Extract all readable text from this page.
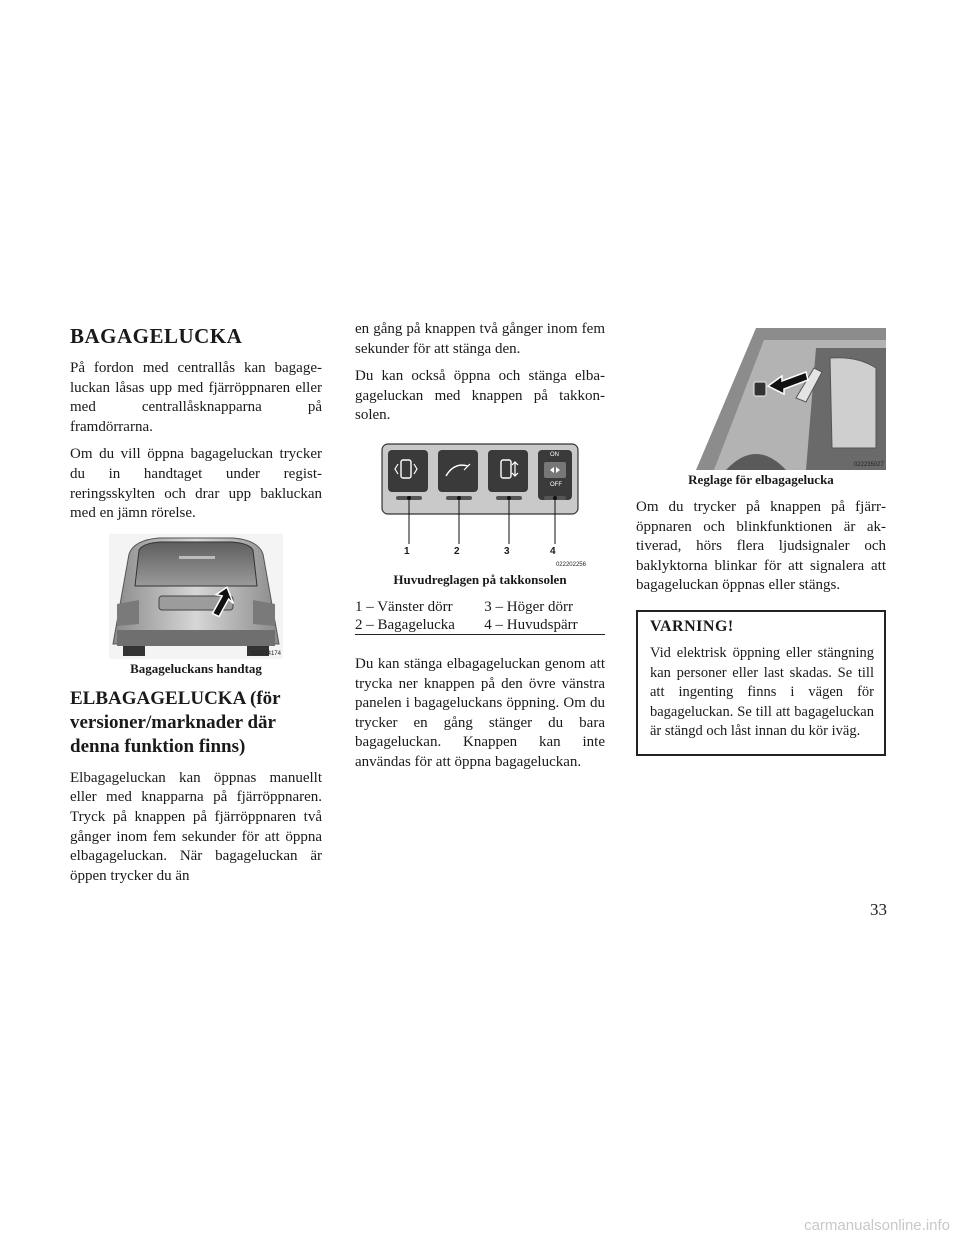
BAGAGELUCKA

På fordon med centrallås kan bagageluckan låsas upp med fjärröppnaren eller med centrallåsknapparna på framdörrarna.

Om du vill öppna bagageluckan trycker du in handtaget under registreringsskylten och drar upp bakluckan med en jämn rörelse.

022234174
Bagageluckans handtag
ELBAGAGELUCKA (för versioner/marknader där denna funktion finns)

Elbagageluckan kan öppnas manuellt eller med knapparna på fjärröppnaren. Tryck på knappen på fjärröppnaren två gånger inom fem sekunder för att öppna elbagageluckan. När bagageluckan är öppen trycker du än

en gång på knappen två gånger inom fem sekunder för att stänga den.

Du kan också öppna och stänga elbagageluckan med knappen på takkonsolen.

ON
OFF
1	2	3	4
022202256
Huvudreglagen på takkonsolen
1 – Vänster dörr	3 – Höger dörr
2 – Bagagelucka	4 – Huvudspärr

Du kan stänga elbagageluckan genom att trycka ner knappen på den övre vänstra panelen i bagageluckans öppning. Om du trycker en gång stänger du bara bagageluckan. Knappen kan inte användas för att öppna bagageluckan.

022235027
Reglage för elbagagelucka

Om du trycker på knappen på fjärröppnaren och blinkfunktionen är aktiverad, hörs flera ljudsignaler och baklyktorna blinkar för att signalera att bagageluckan öppnas eller stängs.

VARNING!

Vid elektrisk öppning eller stängning kan personer eller last skadas. Se till att ingenting finns i vägen för bagageluckan. Se till att bagageluckan är stängd och låst innan du kör iväg.

33
carmanualsonline.info
